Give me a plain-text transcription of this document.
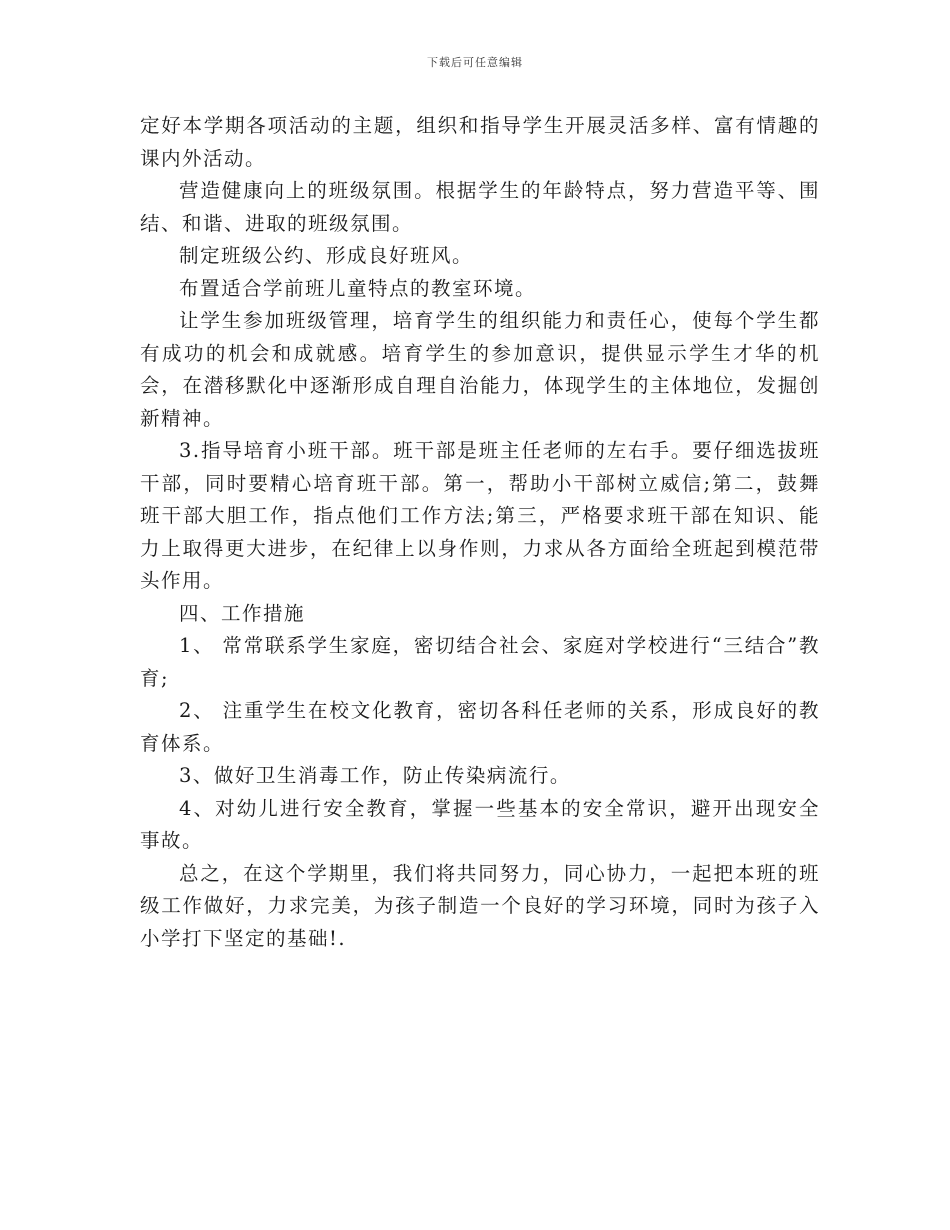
下载后可任意编辑

定好本学期各项活动的主题，组织和指导学生开展灵活多样、富有情趣的课内外活动。

营造健康向上的班级氛围。根据学生的年龄特点，努力营造平等、围结、和谐、进取的班级氛围。

制定班级公约、形成良好班风。

布置适合学前班儿童特点的教室环境。

让学生参加班级管理，培育学生的组织能力和责任心，使每个学生都有成功的机会和成就感。培育学生的参加意识，提供显示学生才华的机会，在潜移默化中逐渐形成自理自治能力，体现学生的主体地位，发掘创新精神。

3.指导培育小班干部。班干部是班主任老师的左右手。要仔细选拔班干部，同时要精心培育班干部。第一，帮助小干部树立威信;第二，鼓舞班干部大胆工作，指点他们工作方法;第三，严格要求班干部在知识、能力上取得更大进步，在纪律上以身作则，力求从各方面给全班起到模范带头作用。

四、工作措施

1、 常常联系学生家庭，密切结合社会、家庭对学校进行“三结合”教育;

2、 注重学生在校文化教育，密切各科任老师的关系，形成良好的教育体系。

3、做好卫生消毒工作，防止传染病流行。

4、对幼儿进行安全教育，掌握一些基本的安全常识，避开出现安全事故。

总之，在这个学期里，我们将共同努力，同心协力，一起把本班的班级工作做好，力求完美，为孩子制造一个良好的学习环境，同时为孩子入小学打下坚定的基础!.
